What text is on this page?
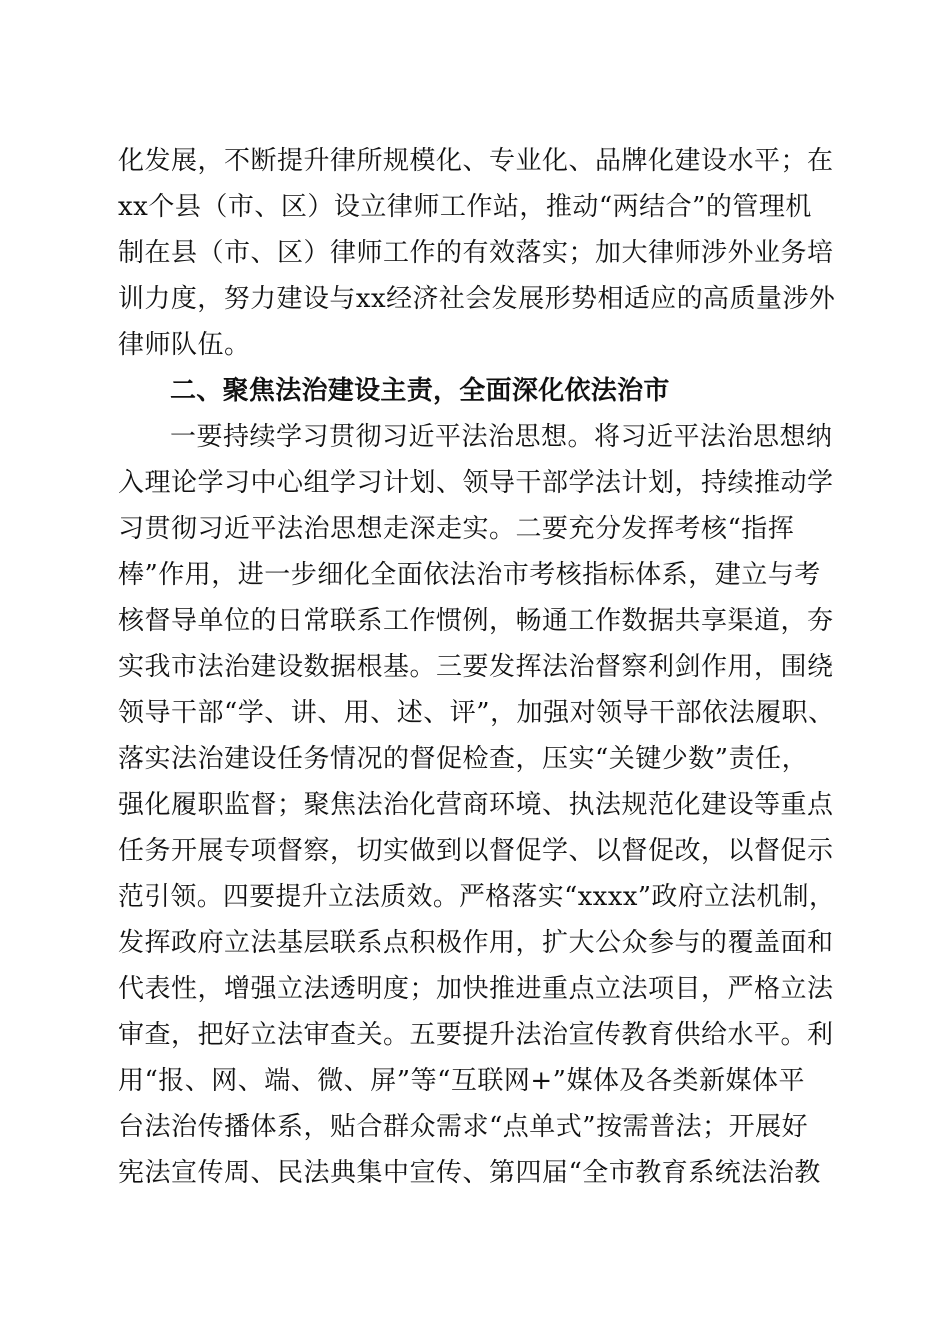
化发展，不断提升律所规模化、专业化、品牌化建设水平；在
xx个县（市、区）设立律师工作站，推动“两结合”的管理机
制在县（市、区）律师工作的有效落实；加大律师涉外业务培
训力度，努力建设与xx经济社会发展形势相适应的高质量涉外
律师队伍。
二、聚焦法治建设主责，全面深化依法治市
一要持续学习贯彻习近平法治思想。将习近平法治思想纳
入理论学习中心组学习计划、领导干部学法计划，持续推动学
习贯彻习近平法治思想走深走实。二要充分发挥考核“指挥
棒”作用，进一步细化全面依法治市考核指标体系，建立与考
核督导单位的日常联系工作惯例，畅通工作数据共享渠道，夯
实我市法治建设数据根基。三要发挥法治督察利剑作用，围绕
领导干部“学、讲、用、述、评”，加强对领导干部依法履职、
落实法治建设任务情况的督促检查，压实“关键少数”责任，
强化履职监督；聚焦法治化营商环境、执法规范化建设等重点
任务开展专项督察，切实做到以督促学、以督促改，以督促示
范引领。四要提升立法质效。严格落实“xxxx”政府立法机制，
发挥政府立法基层联系点积极作用，扩大公众参与的覆盖面和
代表性，增强立法透明度；加快推进重点立法项目，严格立法
审查，把好立法审查关。五要提升法治宣传教育供给水平。利
用“报、网、端、微、屏”等“互联网+”媒体及各类新媒体平
台法治传播体系，贴合群众需求“点单式”按需普法；开展好
宪法宣传周、民法典集中宣传、第四届“全市教育系统法治教
